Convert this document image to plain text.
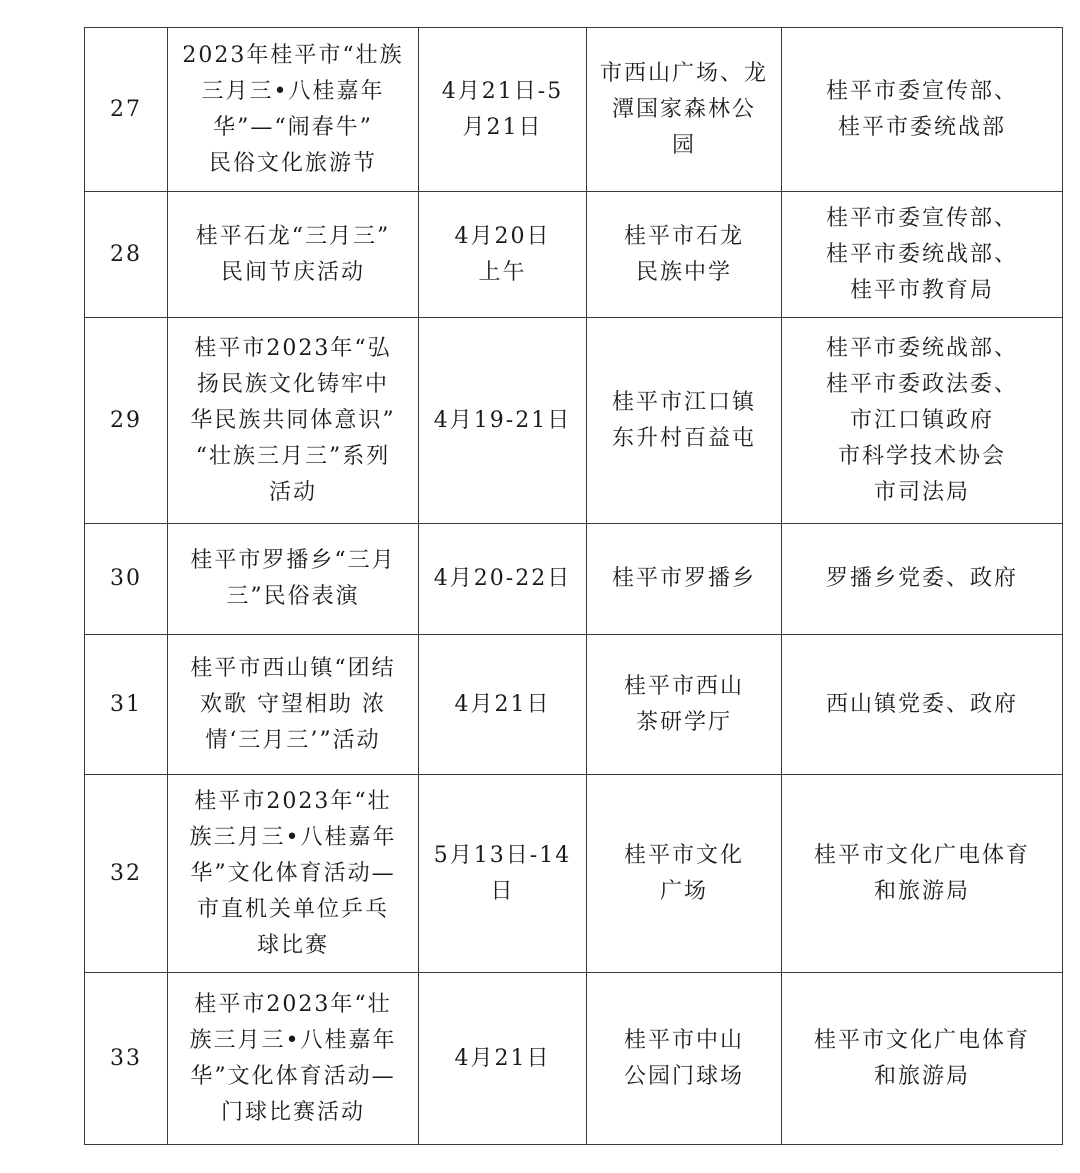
27	2023年桂平市“壮族
三月三•八桂嘉年
华”—“闹春牛”
民俗文化旅游节	4月21日-5
月21日	市西山广场、龙
潭国家森林公
园	桂平市委宣传部、
桂平市委统战部

28	桂平石龙“三月三”
民间节庆活动	4月20日
上午	桂平市石龙
民族中学	桂平市委宣传部、
桂平市委统战部、
桂平市教育局

29	桂平市2023年“弘
扬民族文化铸牢中
华民族共同体意识”
“壮族三月三”系列
活动	4月19-21日	桂平市江口镇
东升村百益屯	桂平市委统战部、
桂平市委政法委、
市江口镇政府
市科学技术协会
市司法局

30	桂平市罗播乡“三月
三”民俗表演	4月20-22日	桂平市罗播乡	罗播乡党委、政府

31	桂平市西山镇“团结
欢歌 守望相助 浓
情‘三月三’”活动	4月21日	桂平市西山
茶研学厅	西山镇党委、政府

32	桂平市2023年“壮
族三月三•八桂嘉年
华”文化体育活动—
市直机关单位乒乓
球比赛	5月13日-14
日	桂平市文化
广场	桂平市文化广电体育
和旅游局

33	桂平市2023年“壮
族三月三•八桂嘉年
华”文化体育活动—
门球比赛活动	4月21日	桂平市中山
公园门球场	桂平市文化广电体育
和旅游局
